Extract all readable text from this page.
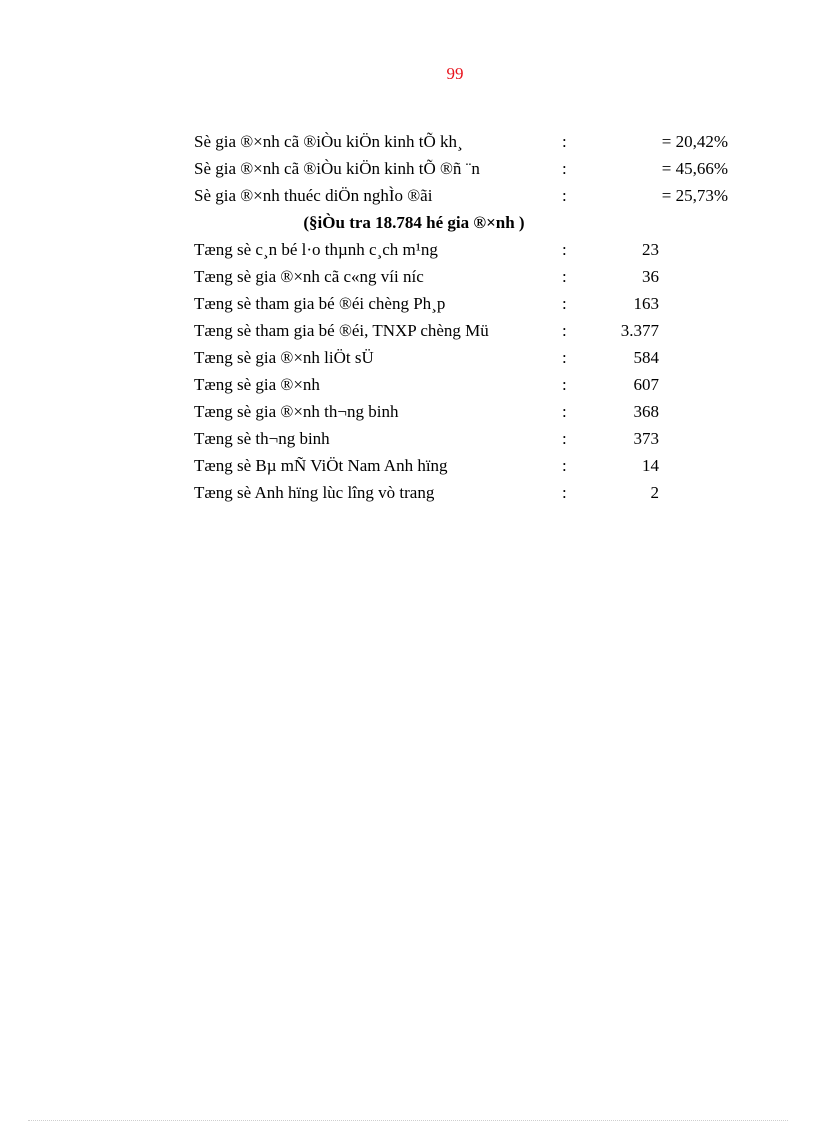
99
Sè gia ®×nh cã ®iÒu kiÖn kinh tÕ kh¸	:	= 20,42%
Sè gia ®×nh cã ®iÒu kiÖn kinh tÕ ®ñ ¨n	:	= 45,66%
Sè gia ®×nh thuéc diÖn nghÌo ®ãi	:	= 25,73%
(§iÒu tra 18.784 hé gia ®×nh )
Tæng sè c¸n bé l·o thµnh c¸ch m¹ng	:	23
Tæng sè gia ®×nh cã c«ng víi níc	:	36
Tæng sè tham gia bé ®éi chèng Ph¸p	:	163
Tæng sè tham gia bé ®éi, TNXP chèng Mü	:	3.377
Tæng sè gia ®×nh liÖt sÜ	:	584
Tæng sè gia ®×nh	:	607
Tæng sè gia ®×nh th¬ng binh	:	368
Tæng sè th¬ng binh	:	373
Tæng sè Bµ mÑ ViÖt Nam Anh hïng	:	14
Tæng sè Anh hïng lùc lîng vò trang	:	2
